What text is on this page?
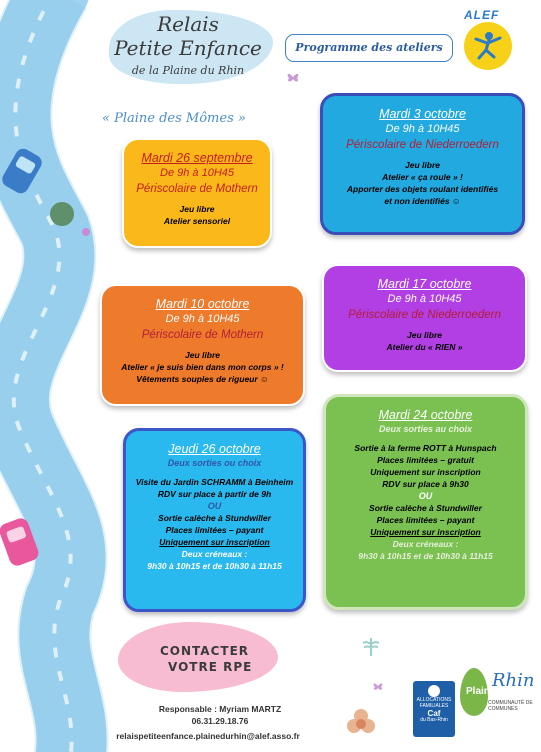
Relais
Petite Enfance
de la Plaine du Rhin
Programme des ateliers
ALEF
« Plaine des Mômes »
Mardi 26 septembre
De 9h à 10H45
Périscolaire de Mothern
Jeu libre
Atelier sensoriel
Mardi 3 octobre
De 9h à 10H45
Périscolaire de Niederroedern
Jeu libre
Atelier « ça roule » !
Apporter des objets roulant identifiés
et non identifiés ☺
Mardi 10 octobre
De 9h à 10H45
Périscolaire de Mothern
Jeu libre
Atelier « je suis bien dans mon corps » !
Vêtements souples de rigueur ☺
Mardi 17 octobre
De 9h à 10H45
Périscolaire de Niederroedern
Jeu libre
Atelier du « RIEN »
Jeudi 26 octobre
Deux sorties ou choix
Visite du Jardin SCHRAMM à Beinheim
RDV sur place à partir de 9h
OU
Sortie calèche à Stundwiller
Places limitées – payant
Uniquement sur inscription
Deux créneaux :
9h30 à 10h15 et de 10h30 à 11h15
Mardi 24 octobre
Deux sorties au choix
Sortie à la ferme ROTT à Hunspach
Places limitées – gratuit
Uniquement sur inscription
RDV sur place à 9h30
OU
Sortie calèche à Stundwiller
Places limitées – payant
Uniquement sur inscription
Deux créneaux :
9h30 à 10h15 et de 10h30 à 11h15
CONTACTER
VOTRE RPE
Responsable : Myriam MARTZ
06.31.29.18.76
relaispetiteenfance.plainedurhin@alef.asso.fr
ALLOCATIONS FAMILIALES
Caf
du Bas-Rhin
Plaine
Rhin
COMMUNAUTÉ DE COMMUNES
